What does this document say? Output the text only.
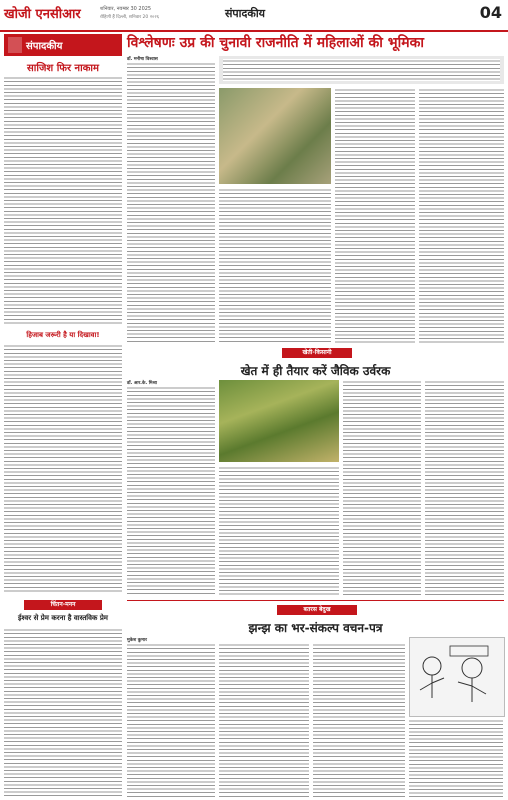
खोजी एनसीआर	शनिवार, नवम्बर 30 2025
रोहिणी हैं दिल्ली, शनिवार 20 २०२६	संपादकीय	04
संपादकीय
साजिश फिर नाकाम
हिजाब जरूरी है या दिखावा!
चिंतन-मनन
ईश्वर से प्रेम करना है वास्तविक प्रेम
विश्लेषणः उप्र की चुनावी राजनीति में महिलाओं की भूमिका
डॉ. मनीषा विश्वास
खेती-किसानी
खेत में ही तैयार करें जैविक उर्वरक
डॉ. आर.के. मिश्रा
बतरस बेदुख
झन्झ का भर-संकल्प वचन-पत्र
मुकेश कुमार
